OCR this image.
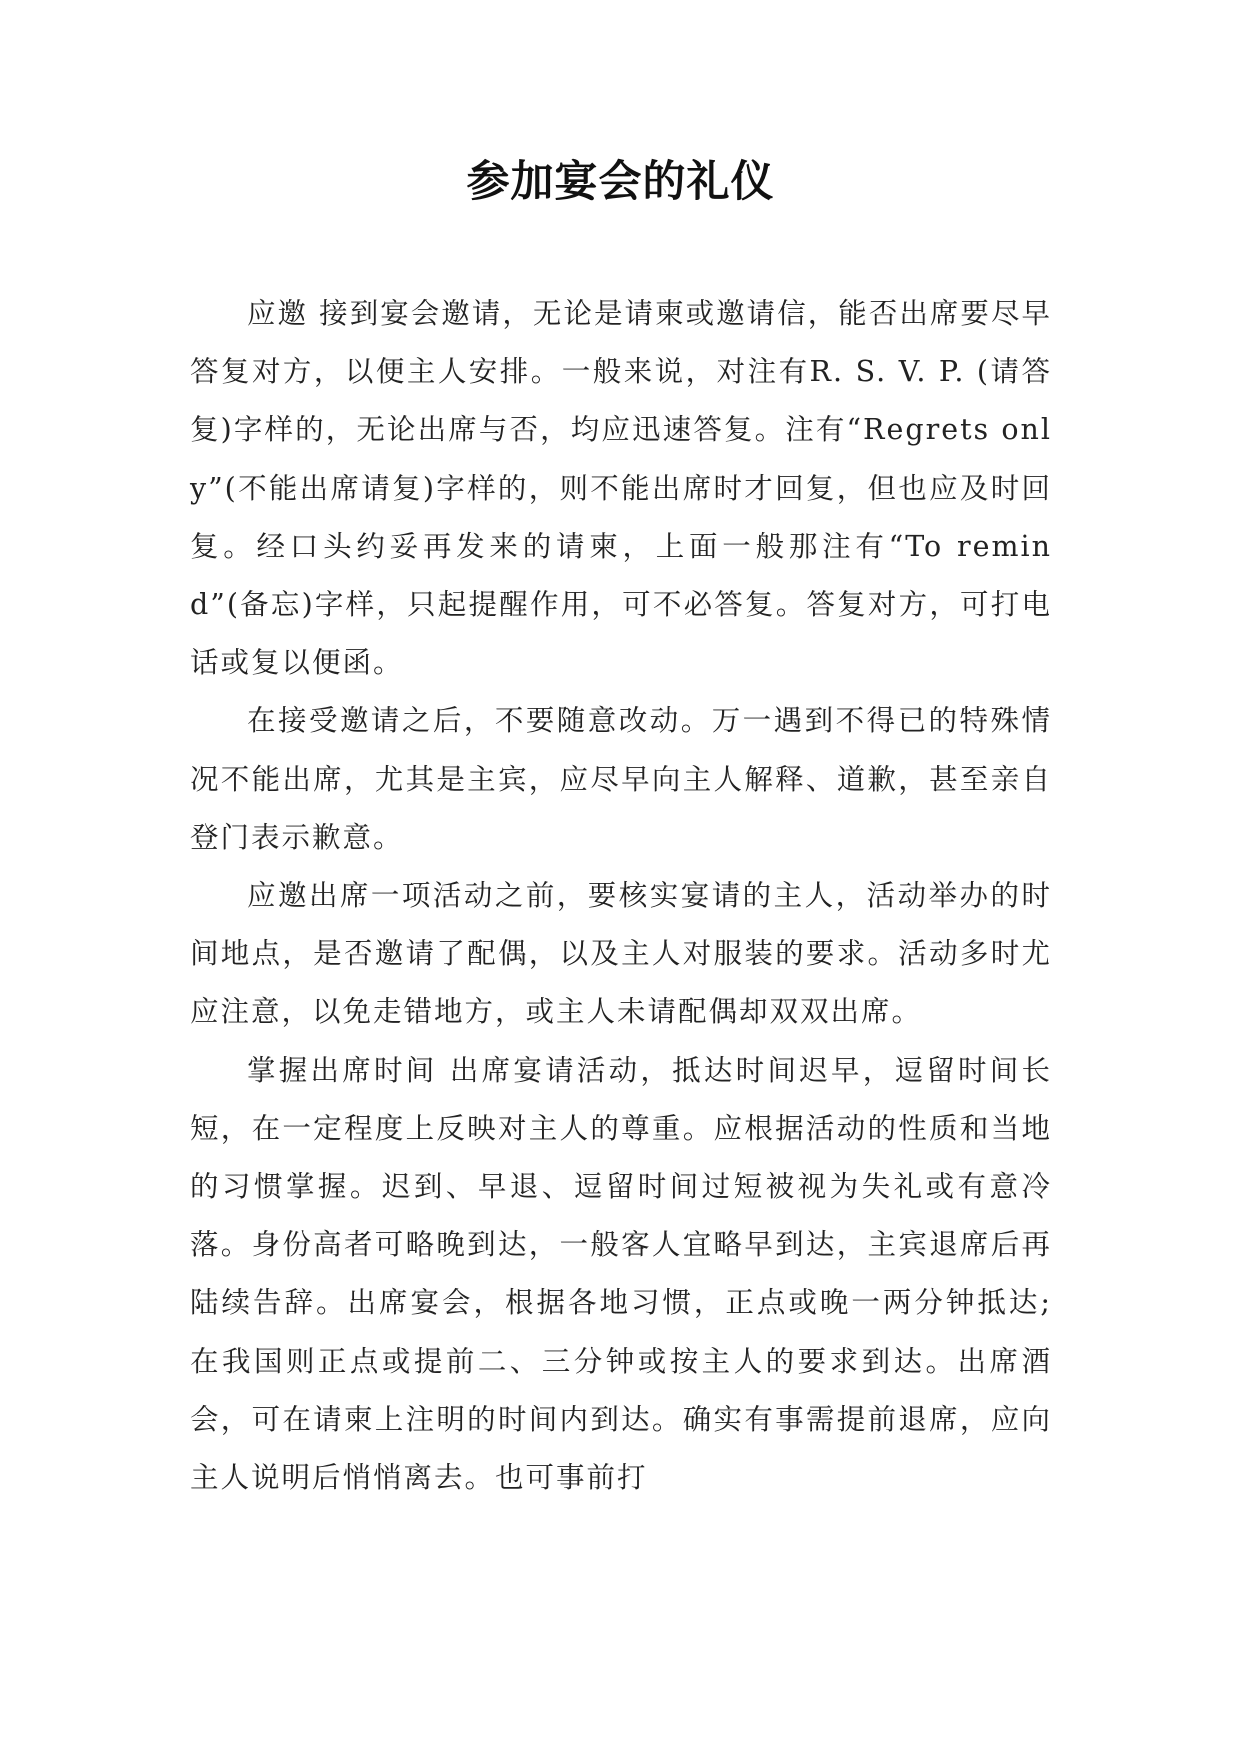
参加宴会的礼仪

应邀 接到宴会邀请，无论是请柬或邀请信，能否出席要尽早答复对方，以便主人安排。一般来说，对注有R. S. V. P. (请答复)字样的，无论出席与否，均应迅速答复。注有“Regrets only”(不能出席请复)字样的，则不能出席时才回复，但也应及时回复。经口头约妥再发来的请柬，上面一般那注有“To remind”(备忘)字样，只起提醒作用，可不必答复。答复对方，可打电话或复以便函。

在接受邀请之后，不要随意改动。万一遇到不得已的特殊情况不能出席，尤其是主宾，应尽早向主人解释、道歉，甚至亲自登门表示歉意。

应邀出席一项活动之前，要核实宴请的主人，活动举办的时间地点，是否邀请了配偶，以及主人对服装的要求。活动多时尤应注意，以免走错地方，或主人未请配偶却双双出席。

掌握出席时间 出席宴请活动，抵达时间迟早，逗留时间长短，在一定程度上反映对主人的尊重。应根据活动的性质和当地的习惯掌握。迟到、早退、逗留时间过短被视为失礼或有意冷落。身份高者可略晚到达，一般客人宜略早到达，主宾退席后再陆续告辞。出席宴会，根据各地习惯，正点或晚一两分钟抵达;在我国则正点或提前二、三分钟或按主人的要求到达。出席酒会，可在请柬上注明的时间内到达。确实有事需提前退席，应向主人说明后悄悄离去。也可事前打
